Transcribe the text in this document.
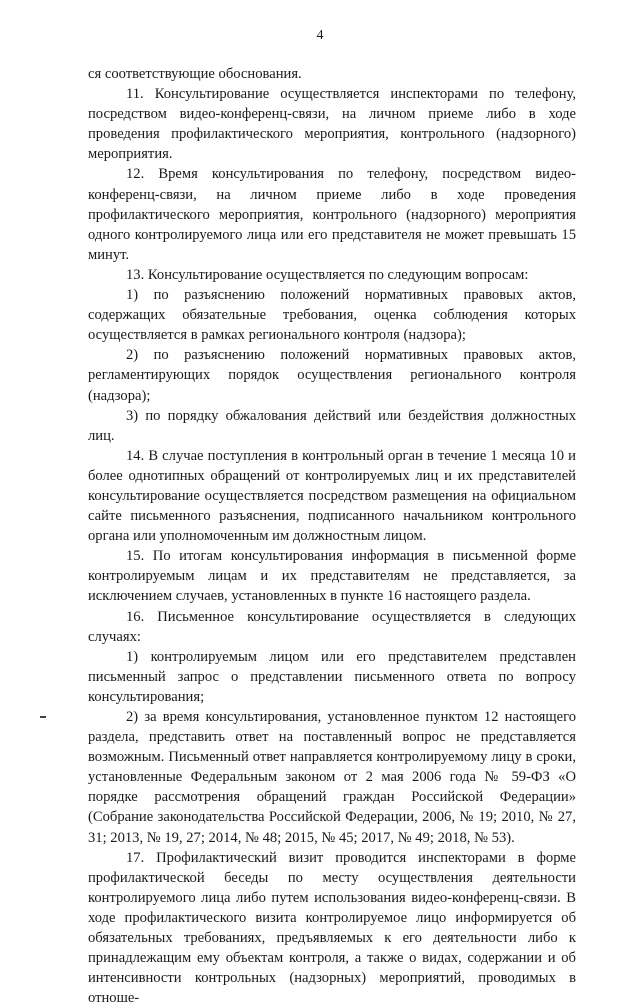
4

ся соответствующие обоснования.

11. Консультирование осуществляется инспекторами по телефону, посредством видео-конференц-связи, на личном приеме либо в ходе проведения профилактического мероприятия, контрольного (надзорного) мероприятия.

12. Время консультирования по телефону, посредством видео-конференц-связи, на личном приеме либо в ходе проведения профилактического мероприятия, контрольного (надзорного) мероприятия одного контролируемого лица или его представителя не может превышать 15 минут.

13. Консультирование осуществляется по следующим вопросам:

1) по разъяснению положений нормативных правовых актов, содержащих обязательные требования, оценка соблюдения которых осуществляется в рамках регионального контроля (надзора);

2) по разъяснению положений нормативных правовых актов, регламентирующих порядок осуществления регионального контроля (надзора);

3) по порядку обжалования действий или бездействия должностных лиц.

14. В случае поступления в контрольный орган в течение 1 месяца 10 и более однотипных обращений от контролируемых лиц и их представителей консультирование осуществляется посредством размещения на официальном сайте письменного разъяснения, подписанного начальником контрольного органа или уполномоченным им должностным лицом.

15. По итогам консультирования информация в письменной форме контролируемым лицам и их представителям не представляется, за исключением случаев, установленных в пункте 16 настоящего раздела.

16. Письменное консультирование осуществляется в следующих случаях:

1) контролируемым лицом или его представителем представлен письменный запрос о представлении письменного ответа по вопросу консультирования;

2) за время консультирования, установленное пунктом 12 настоящего раздела, представить ответ на поставленный вопрос не представляется возможным. Письменный ответ направляется контролируемому лицу в сроки, установленные Федеральным законом от 2 мая 2006 года № 59-ФЗ «О порядке рассмотрения обращений граждан Российской Федерации» (Собрание законодательства Российской Федерации, 2006, № 19; 2010, № 27, 31; 2013, № 19, 27; 2014, № 48; 2015, № 45; 2017, № 49; 2018, № 53).

17. Профилактический визит проводится инспекторами в форме профилактической беседы по месту осуществления деятельности контролируемого лица либо путем использования видео-конференц-связи. В ходе профилактического визита контролируемое лицо информируется об обязательных требованиях, предъявляемых к его деятельности либо к принадлежащим ему объектам контроля, а также о видах, содержании и об интенсивности контрольных (надзорных) мероприятий, проводимых в отноше-
